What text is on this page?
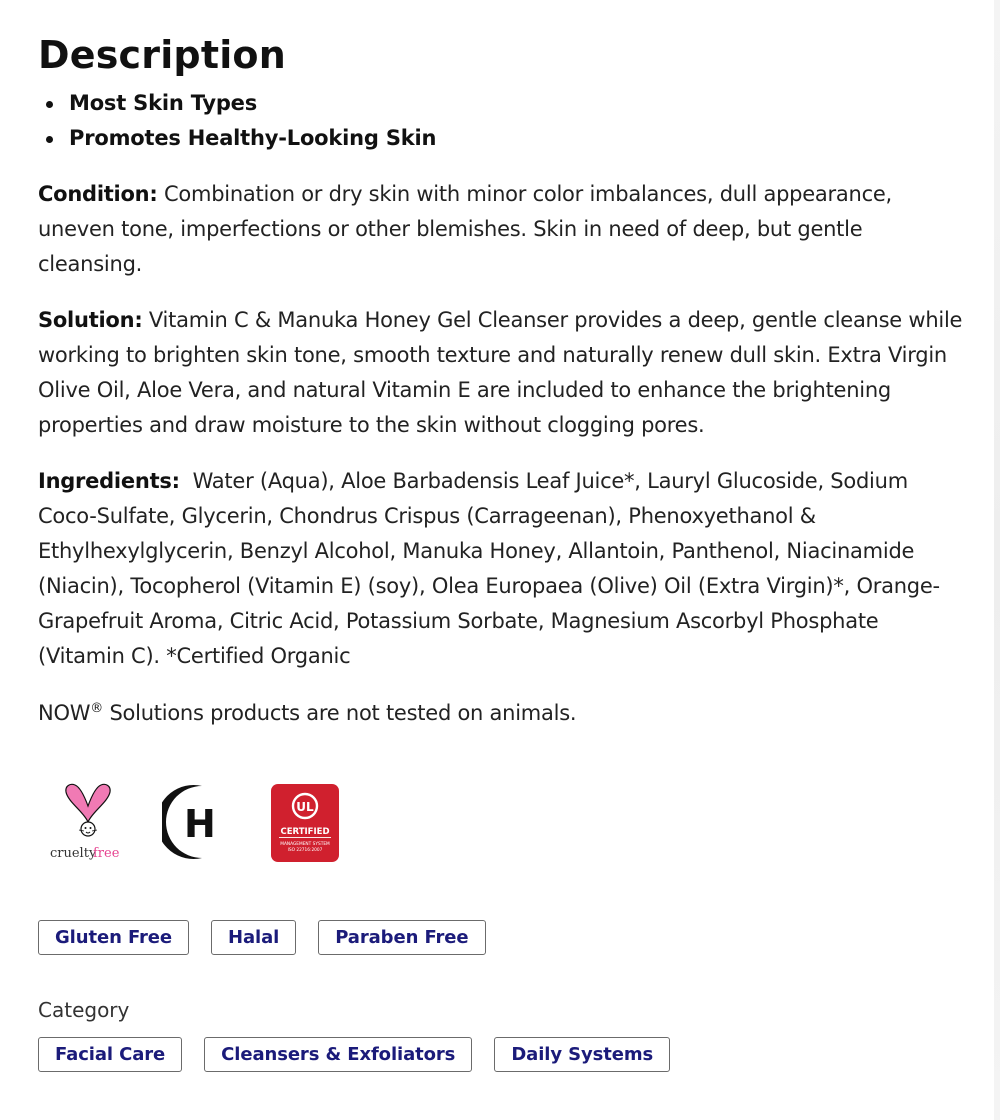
Description
Most Skin Types
Promotes Healthy-Looking Skin

Condition: Combination or dry skin with minor color imbalances, dull appearance, uneven tone, imperfections or other blemishes. Skin in need of deep, but gentle cleansing.

Solution: Vitamin C & Manuka Honey Gel Cleanser provides a deep, gentle cleanse while working to brighten skin tone, smooth texture and naturally renew dull skin. Extra Virgin Olive Oil, Aloe Vera, and natural Vitamin E are included to enhance the brightening properties and draw moisture to the skin without clogging pores.

Ingredients: Water (Aqua), Aloe Barbadensis Leaf Juice*, Lauryl Glucoside, Sodium Coco-Sulfate, Glycerin, Chondrus Crispus (Carrageenan), Phenoxyethanol & Ethylhexylglycerin, Benzyl Alcohol, Manuka Honey, Allantoin, Panthenol, Niacinamide (Niacin), Tocopherol (Vitamin E) (soy), Olea Europaea (Olive) Oil (Extra Virgin)*, Orange-Grapefruit Aroma, Citric Acid, Potassium Sorbate, Magnesium Ascorbyl Phosphate (Vitamin C). *Certified Organic

NOW® Solutions products are not tested on animals.

cruelty
free
H	UL
CERTIFIED
MANAGEMENT SYSTEM
ISO 22716:2007
Gluten Free	Halal	Paraben Free
Category
Facial Care	Cleansers & Exfoliators	Daily Systems
